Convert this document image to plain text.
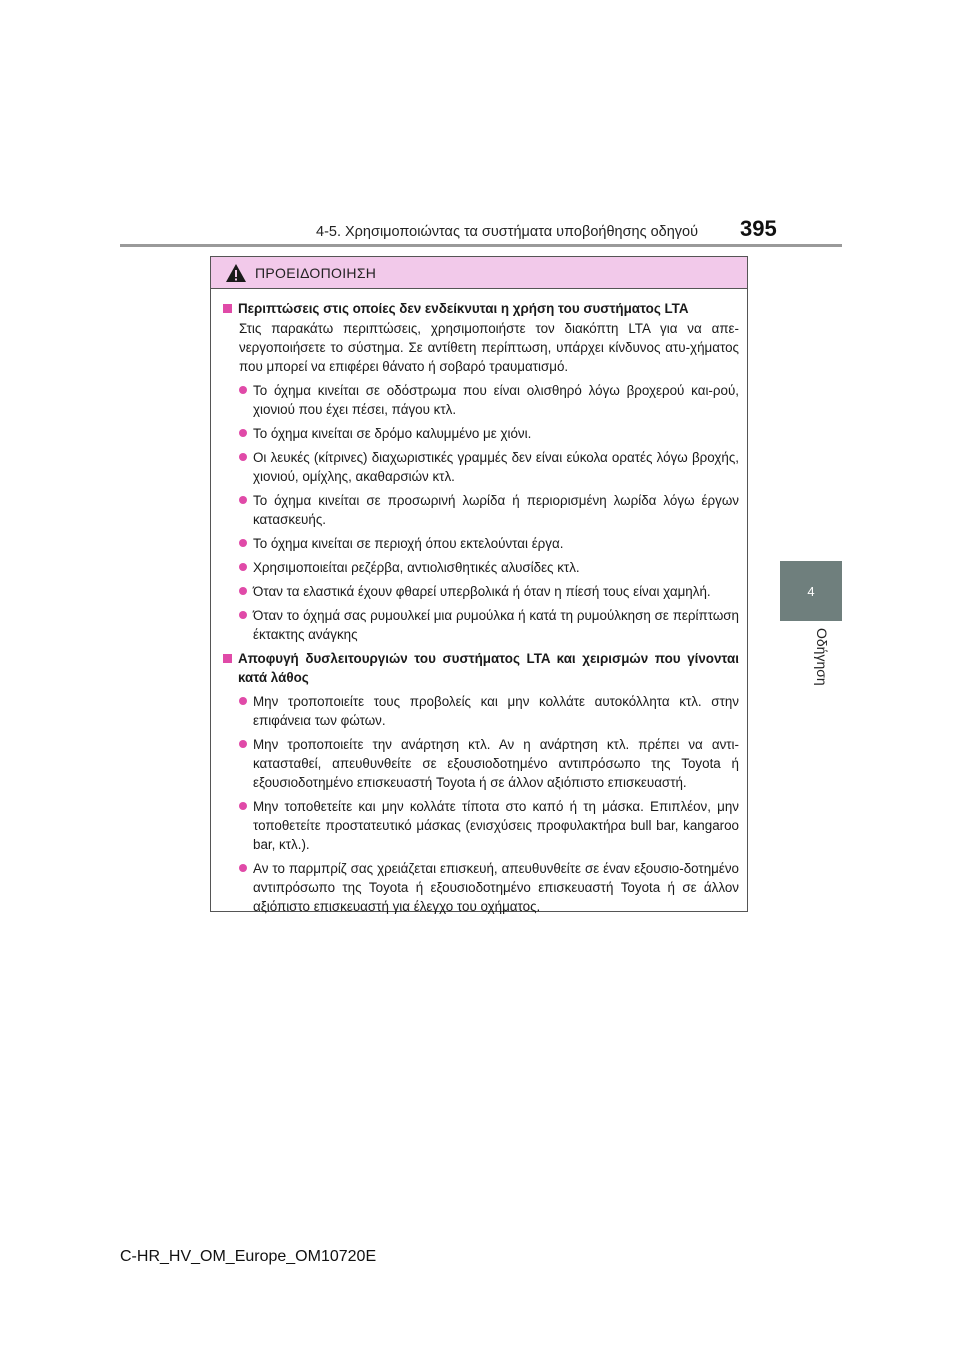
4-5. Χρησιμοποιώντας τα συστήματα υποβοήθησης οδηγού 395
4
Οδήγηση
ΠΡΟΕΙΔΟΠΟΙΗΣΗ
Περιπτώσεις στις οποίες δεν ενδείκνυται η χρήση του συστήματος LTA
Στις παρακάτω περιπτώσεις, χρησιμοποιήστε τον διακόπτη LTA για να απε-νεργοποιήσετε το σύστημα. Σε αντίθετη περίπτωση, υπάρχει κίνδυνος ατυ-χήματος που μπορεί να επιφέρει θάνατο ή σοβαρό τραυματισμό.
Το όχημα κινείται σε οδόστρωμα που είναι ολισθηρό λόγω βροχερού και-ρού, χιονιού που έχει πέσει, πάγου κτλ.
Το όχημα κινείται σε δρόμο καλυμμένο με χιόνι.
Οι λευκές (κίτρινες) διαχωριστικές γραμμές δεν είναι εύκολα ορατές λόγω βροχής, χιονιού, ομίχλης, ακαθαρσιών κτλ.
Το όχημα κινείται σε προσωρινή λωρίδα ή περιορισμένη λωρίδα λόγω έργων κατασκευής.
Το όχημα κινείται σε περιοχή όπου εκτελούνται έργα.
Χρησιμοποιείται ρεζέρβα, αντιολισθητικές αλυσίδες κτλ.
Όταν τα ελαστικά έχουν φθαρεί υπερβολικά ή όταν η πίεσή τους είναι χαμηλή.
Όταν το όχημά σας ρυμουλκεί μια ρυμούλκα ή κατά τη ρυμούλκηση σε περίπτωση έκτακτης ανάγκης
Αποφυγή δυσλειτουργιών του συστήματος LTA και χειρισμών που γίνονται κατά λάθος
Μην τροποποιείτε τους προβολείς και μην κολλάτε αυτοκόλλητα κτλ. στην επιφάνεια των φώτων.
Μην τροποποιείτε την ανάρτηση κτλ. Αν η ανάρτηση κτλ. πρέπει να αντι-κατασταθεί, απευθυνθείτε σε εξουσιοδοτημένο αντιπρόσωπο της Toyota ή εξουσιοδοτημένο επισκευαστή Toyota ή σε άλλον αξιόπιστο επισκευαστή.
Μην τοποθετείτε και μην κολλάτε τίποτα στο καπό ή τη μάσκα. Επιπλέον, μην τοποθετείτε προστατευτικό μάσκας (ενισχύσεις προφυλακτήρα bull bar, kangaroo bar, κτλ.).
Αν το παρμπρίζ σας χρειάζεται επισκευή, απευθυνθείτε σε έναν εξουσιο-δοτημένο αντιπρόσωπο της Toyota ή εξουσιοδοτημένο επισκευαστή Toyota ή σε άλλον αξιόπιστο επισκευαστή για έλεγχο του οχήματος.
C-HR_HV_OM_Europe_OM10720E
